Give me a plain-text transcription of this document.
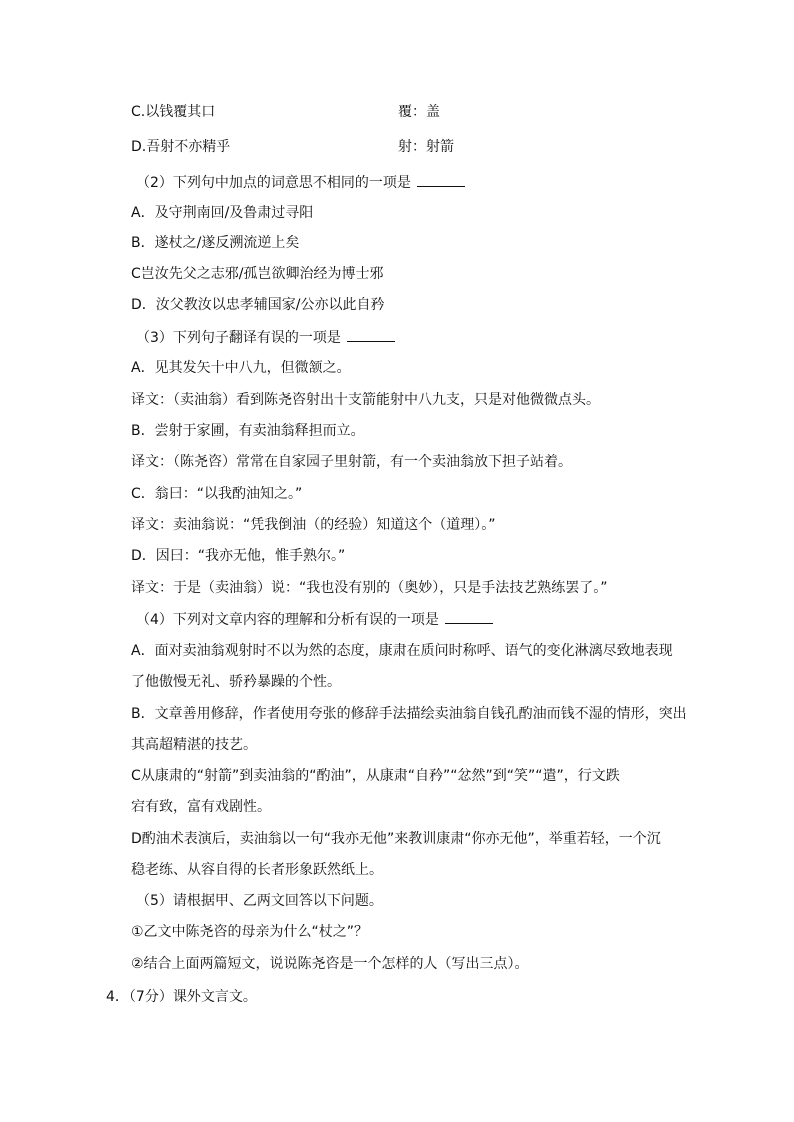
C.以钱覆其口	覆：盖
D.吾射不亦精乎	射：射箭
（2）下列句中加点的词意思不相同的一项是
A．及守荆南回/及鲁肃过寻阳
B．遂杖之/遂反溯流逆上矣
C岂汝先父之志邪/孤岂欲卿治经为博士邪
D．汝父教汝以忠孝辅国家/公亦以此自矜
（3）下列句子翻译有误的一项是
A．见其发矢十中八九，但微颔之。
译文：（卖油翁）看到陈尧咨射出十支箭能射中八九支，只是对他微微点头。
B．尝射于家圃，有卖油翁释担而立。
译文：（陈尧咨）常常在自家园子里射箭，有一个卖油翁放下担子站着。
C．翁曰：“以我酌油知之。”
译文：卖油翁说：“凭我倒油（的经验）知道这个（道理）。”
D．因曰：“我亦无他，惟手熟尔。”
译文：于是（卖油翁）说：“我也没有别的（奥妙），只是手法技艺熟练罢了。”
（4）下列对文章内容的理解和分析有误的一项是
A．面对卖油翁观射时不以为然的态度，康肃在质问时称呼、语气的变化淋漓尽致地表现
了他傲慢无礼、骄矜暴躁的个性。
B．文章善用修辞，作者使用夸张的修辞手法描绘卖油翁自钱孔酌油而钱不湿的情形，突出
其高超精湛的技艺。
C从康肃的“射箭”到卖油翁的“酌油”，从康肃“自矜”“忿然”到“笑”“遣”，行文跌
宕有致，富有戏剧性。
D酌油术表演后，卖油翁以一句“我亦无他”来教训康肃“你亦无他”，举重若轻，一个沉
稳老练、从容自得的长者形象跃然纸上。
（5）请根据甲、乙两文回答以下问题。
①乙文中陈尧咨的母亲为什么“杖之”？
②结合上面两篇短文，说说陈尧咨是一个怎样的人（写出三点）。
4．（7分）课外文言文。
